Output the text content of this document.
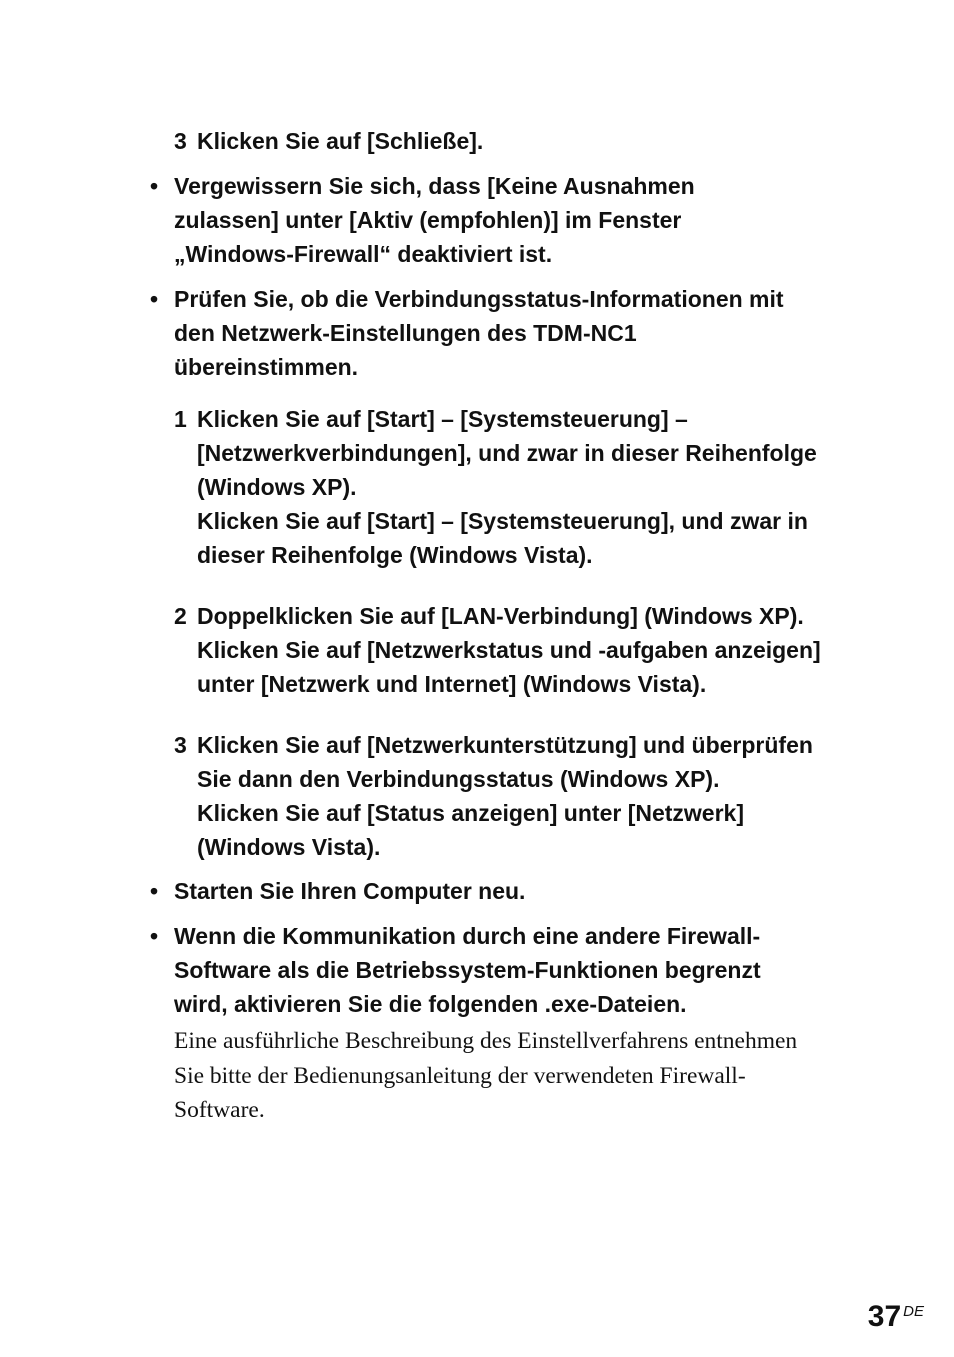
3 Klicken Sie auf [Schließe].

• Vergewissern Sie sich, dass [Keine Ausnahmen

zulassen] unter [Aktiv (empfohlen)] im Fenster

„Windows-Firewall“ deaktiviert ist.

• Prüfen Sie, ob die Verbindungsstatus-Informationen mit

den Netzwerk-Einstellungen des TDM-NC1

übereinstimmen.

1 Klicken Sie auf [Start] – [Systemsteuerung] –

[Netzwerkverbindungen], und zwar in dieser Reihenfolge

(Windows XP).

Klicken Sie auf [Start] – [Systemsteuerung], und zwar in

dieser Reihenfolge (Windows Vista).

2 Doppelklicken Sie auf [LAN-Verbindung] (Windows XP).

Klicken Sie auf [Netzwerkstatus und -aufgaben anzeigen]

unter [Netzwerk und Internet] (Windows Vista).

3 Klicken Sie auf [Netzwerkunterstützung] und überprüfen

Sie dann den Verbindungsstatus (Windows XP).

Klicken Sie auf [Status anzeigen] unter [Netzwerk]

(Windows Vista).

• Starten Sie Ihren Computer neu.

• Wenn die Kommunikation durch eine andere Firewall-

Software als die Betriebssystem-Funktionen begrenzt

wird, aktivieren Sie die folgenden .exe-Dateien.

Eine ausführliche Beschreibung des Einstellverfahrens entnehmen
Sie bitte der Bedienungsanleitung der verwendeten Firewall-
Software.
37 DE
